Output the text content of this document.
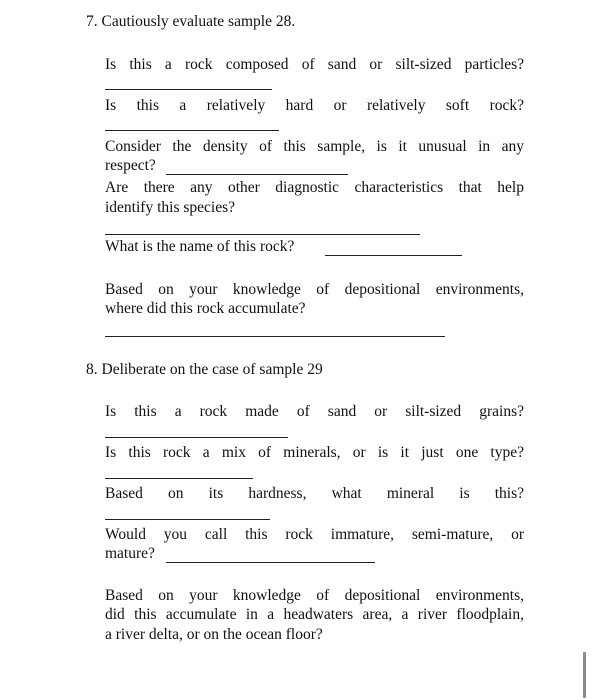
7. Cautiously evaluate sample 28.
Is this a rock composed of sand or silt-sized particles?
Is this a relatively hard or relatively soft rock?
Consider the density of this sample, is it unusual in any
respect?
Are there any other diagnostic characteristics that help
identify this species?
What is the name of this rock?
Based on your knowledge of depositional environments,
where did this rock accumulate?
8. Deliberate on the case of sample 29
Is this a rock made of sand or silt-sized grains?
Is this rock a mix of minerals, or is it just one type?
Based on its hardness, what mineral is this?
Would you call this rock immature, semi-mature, or
mature?
Based on your knowledge of depositional environments,
did this accumulate in a headwaters area, a river floodplain,
a river delta, or on the ocean floor?
